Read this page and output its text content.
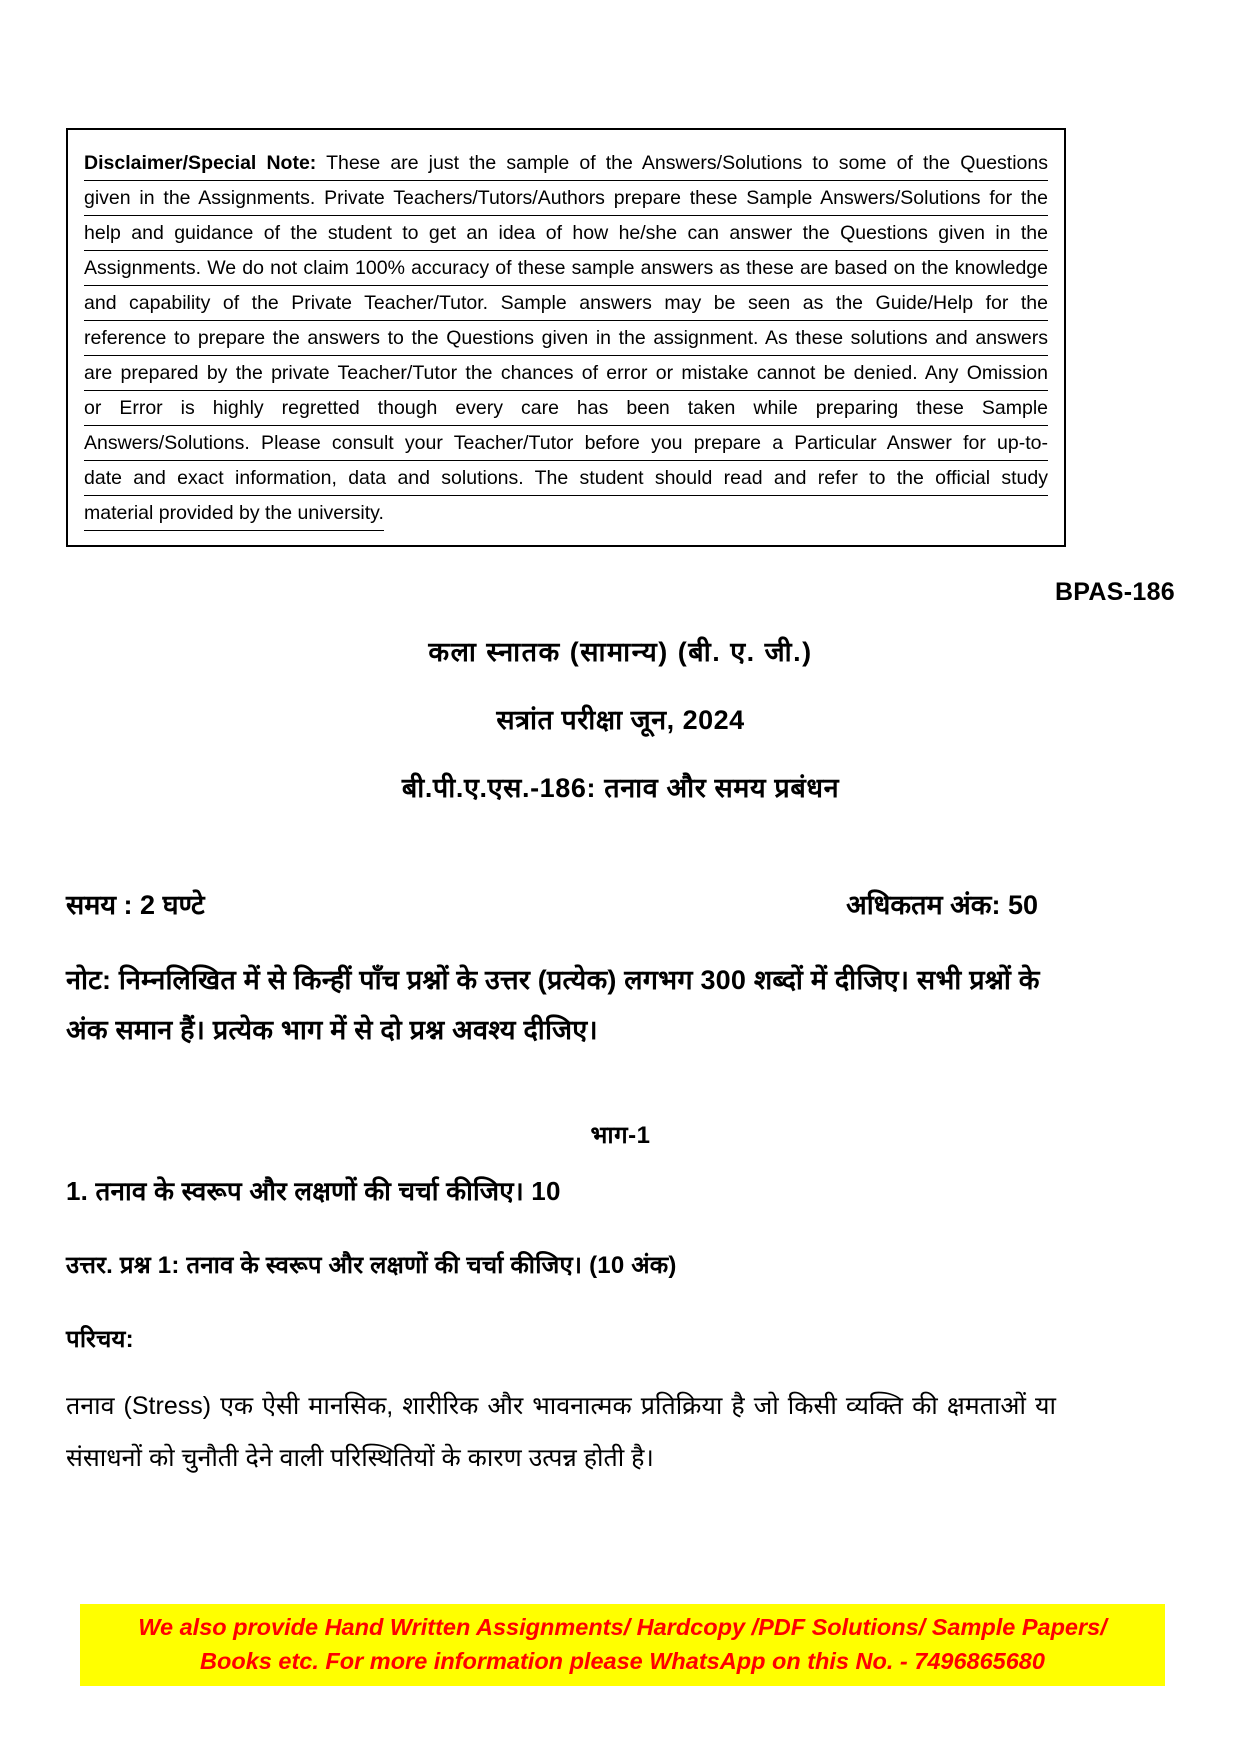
Disclaimer/Special Note: These are just the sample of the Answers/Solutions to some of the Questions
given in the Assignments. Private Teachers/Tutors/Authors prepare these Sample Answers/Solutions for the
help and guidance of the student to get an idea of how he/she can answer the Questions given in the
Assignments. We do not claim 100% accuracy of these sample answers as these are based on the knowledge
and capability of the Private Teacher/Tutor. Sample answers may be seen as the Guide/Help for the
reference to prepare the answers to the Questions given in the assignment. As these solutions and answers
are prepared by the private Teacher/Tutor the chances of error or mistake cannot be denied. Any Omission
or Error is highly regretted though every care has been taken while preparing these Sample
Answers/Solutions. Please consult your Teacher/Tutor before you prepare a Particular Answer for up-to-
date and exact information, data and solutions. The student should read and refer to the official study
material provided by the university.
BPAS-186
कला स्नातक (सामान्य) (बी. ए. जी.)
सत्रांत परीक्षा जून, 2024
बी.पी.ए.एस.-186: तनाव और समय प्रबंधन
समय : 2 घण्टे	अधिकतम अंक: 50
नोट: निम्नलिखित में से किन्हीं पाँच प्रश्नों के उत्तर (प्रत्येक) लगभग 300 शब्दों में दीजिए। सभी प्रश्नों के अंक समान हैं। प्रत्येक भाग में से दो प्रश्न अवश्य दीजिए।
भाग-1
1. तनाव के स्वरूप और लक्षणों की चर्चा कीजिए। 10
उत्तर. प्रश्न 1: तनाव के स्वरूप और लक्षणों की चर्चा कीजिए। (10 अंक)
परिचय:
तनाव (Stress) एक ऐसी मानसिक, शारीरिक और भावनात्मक प्रतिक्रिया है जो किसी व्यक्ति की क्षमताओं या संसाधनों को चुनौती देने वाली परिस्थितियों के कारण उत्पन्न होती है।
We also provide Hand Written Assignments/ Hardcopy /PDF Solutions/ Sample Papers/
Books etc. For more information please WhatsApp on this No. - 7496865680
